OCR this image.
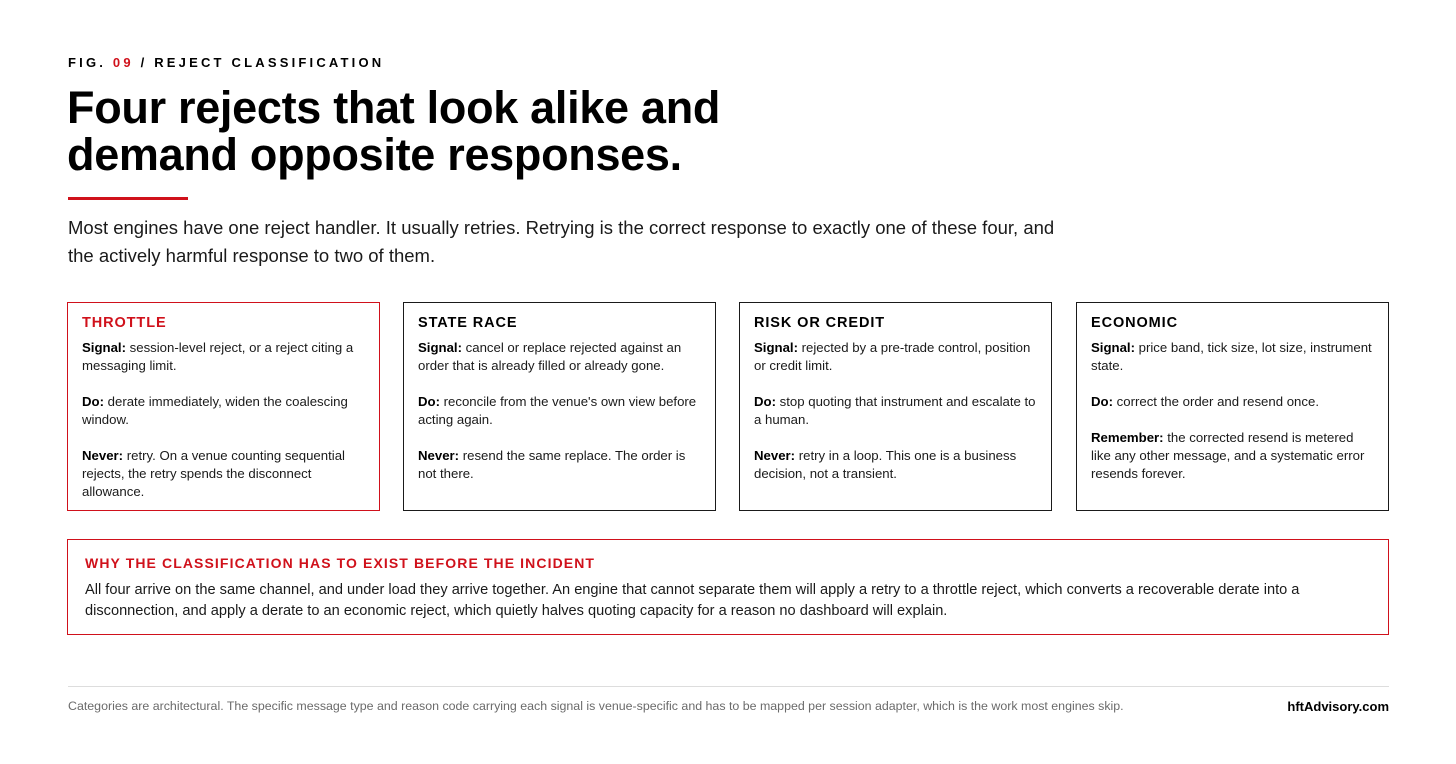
FIG. 09 / REJECT CLASSIFICATION
Four rejects that look alike and
demand opposite responses.

Most engines have one reject handler. It usually retries. Retrying is the correct response to exactly one of these four, and the actively harmful response to two of them.

THROTTLE

Signal: session-level reject, or a reject citing a messaging limit.

Do: derate immediately, widen the coalescing window.

Never: retry. On a venue counting sequential rejects, the retry spends the disconnect allowance.

STATE RACE

Signal: cancel or replace rejected against an order that is already filled or already gone.

Do: reconcile from the venue's own view before acting again.

Never: resend the same replace. The order is not there.

RISK OR CREDIT

Signal: rejected by a pre-trade control, position or credit limit.

Do: stop quoting that instrument and escalate to a human.

Never: retry in a loop. This one is a business decision, not a transient.

ECONOMIC

Signal: price band, tick size, lot size, instrument state.

Do: correct the order and resend once.

Remember: the corrected resend is metered like any other message, and a systematic error resends forever.

WHY THE CLASSIFICATION HAS TO EXIST BEFORE THE INCIDENT

All four arrive on the same channel, and under load they arrive together. An engine that cannot separate them will apply a retry to a throttle reject, which converts a recoverable derate into a disconnection, and apply a derate to an economic reject, which quietly halves quoting capacity for a reason no dashboard will explain.

Categories are architectural. The specific message type and reason code carrying each signal is venue-specific and has to be mapped per session adapter, which is the work most engines skip.	hftAdvisory.com
